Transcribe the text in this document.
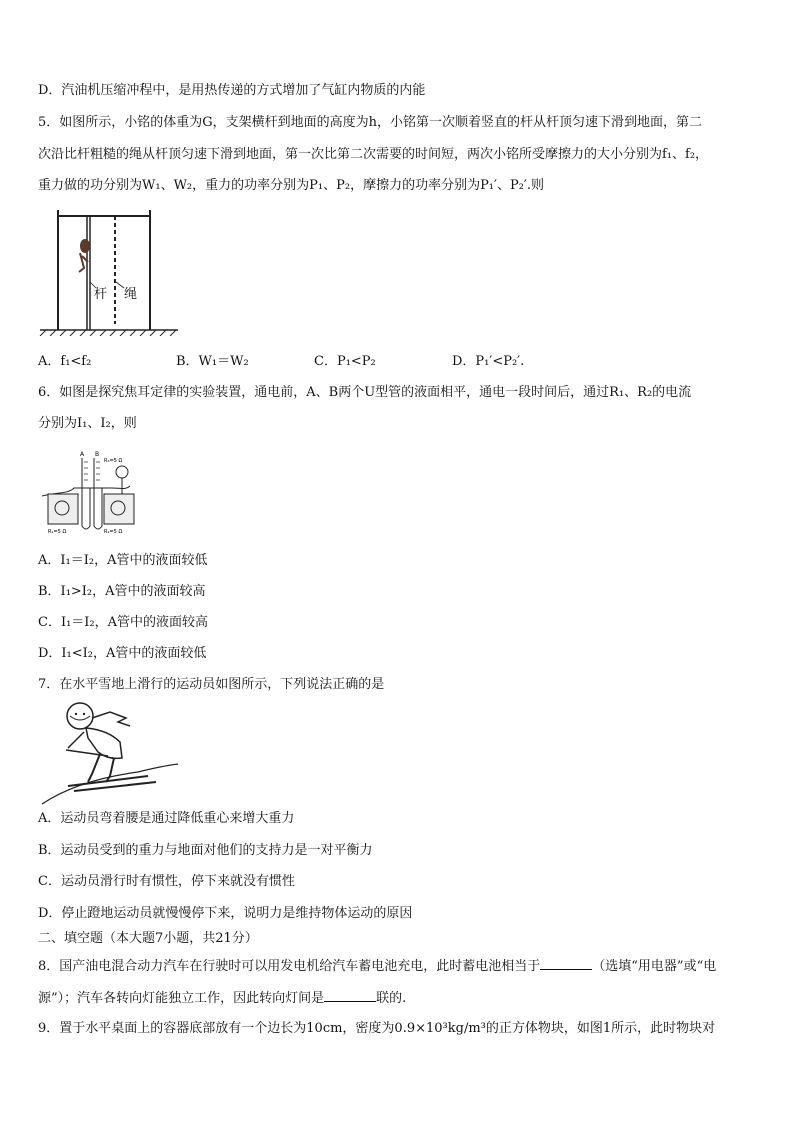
D．汽油机压缩冲程中，是用热传递的方式增加了气缸内物质的内能
5．如图所示，小铭的体重为G，支架横杆到地面的高度为h，小铭第一次顺着竖直的杆从杆顶匀速下滑到地面，第二
次沿比杆粗糙的绳从杆顶匀速下滑到地面，第一次比第二次需要的时间短，两次小铭所受摩擦力的大小分别为f₁、f₂，
重力做的功分别为W₁、W₂，重力的功率分别为P₁、P₂，摩擦力的功率分别为P₁′、P₂′.则
杆 绳
A．f₁<f₂	B．W₁＝W₂	C．P₁<P₂	D．P₁′<P₂′.
6．如图是探究焦耳定律的实验装置，通电前，A、B两个U型管的液面相平，通电一段时间后，通过R₁、R₂的电流
分别为I₁、I₂，则
A B
R₃=5 Ω
R₁=5 Ω	R₂=5 Ω
A．I₁＝I₂，A管中的液面较低
B．I₁>I₂，A管中的液面较高
C．I₁＝I₂，A管中的液面较高
D．I₁<I₂，A管中的液面较低
7．在水平雪地上滑行的运动员如图所示，下列说法正确的是
A．运动员弯着腰是通过降低重心来增大重力
B．运动员受到的重力与地面对他们的支持力是一对平衡力
C．运动员滑行时有惯性，停下来就没有惯性
D．停止蹬地运动员就慢慢停下来，说明力是维持物体运动的原因
二、填空题（本大题7小题，共21分）
8．国产油电混合动力汽车在行驶时可以用发电机给汽车蓄电池充电，此时蓄电池相当于	（选填“用电器”或“电
源”）；汽车各转向灯能独立工作，因此转向灯间是	联的.
9．置于水平桌面上的容器底部放有一个边长为10cm，密度为0.9×10³kg/m³的正方体物块，如图1所示，此时物块对
